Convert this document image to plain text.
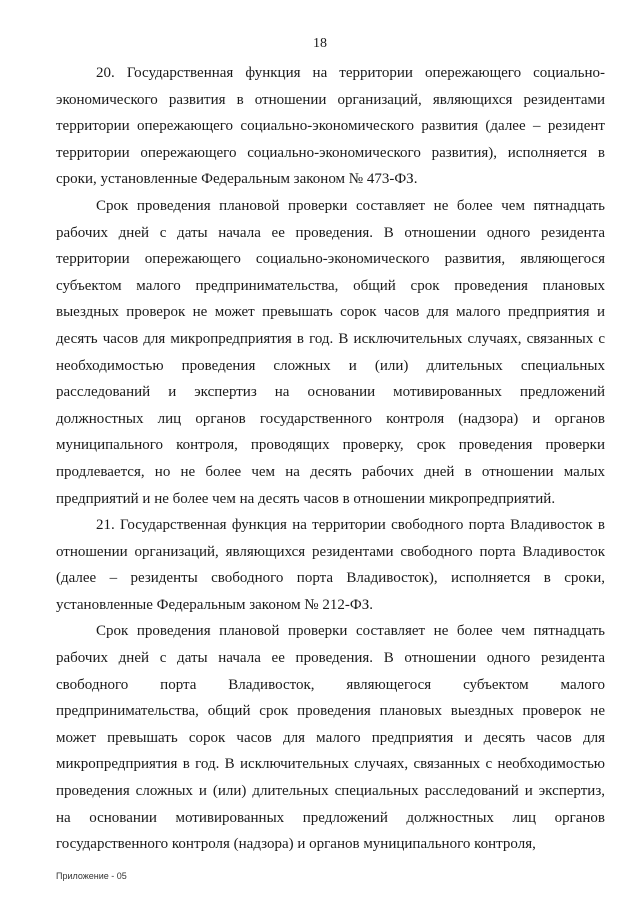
18

20. Государственная функция на территории опережающего социально-экономического развития в отношении организаций, являющихся резидентами территории опережающего социально-экономического развития (далее – резидент территории опережающего социально-экономического развития), исполняется в сроки, установленные Федеральным законом № 473-ФЗ.

Срок проведения плановой проверки составляет не более чем пятнадцать рабочих дней с даты начала ее проведения. В отношении одного резидента территории опережающего социально-экономического развития, являющегося субъектом малого предпринимательства, общий срок проведения плановых выездных проверок не может превышать сорок часов для малого предприятия и десять часов для микропредприятия в год. В исключительных случаях, связанных с необходимостью проведения сложных и (или) длительных специальных расследований и экспертиз на основании мотивированных предложений должностных лиц органов государственного контроля (надзора) и органов муниципального контроля, проводящих проверку, срок проведения проверки продлевается, но не более чем на десять рабочих дней в отношении малых предприятий и не более чем на десять часов в отношении микропредприятий.

21. Государственная функция на территории свободного порта Владивосток в отношении организаций, являющихся резидентами свободного порта Владивосток (далее – резиденты свободного порта Владивосток), исполняется в сроки, установленные Федеральным законом № 212-ФЗ.

Срок проведения плановой проверки составляет не более чем пятнадцать рабочих дней с даты начала ее проведения. В отношении одного резидента свободного порта Владивосток, являющегося субъектом малого предпринимательства, общий срок проведения плановых выездных проверок не может превышать сорок часов для малого предприятия и десять часов для микропредприятия в год. В исключительных случаях, связанных с необходимостью проведения сложных и (или) длительных специальных расследований и экспертиз, на основании мотивированных предложений должностных лиц органов государственного контроля (надзора) и органов муниципального контроля,

Приложение - 05
